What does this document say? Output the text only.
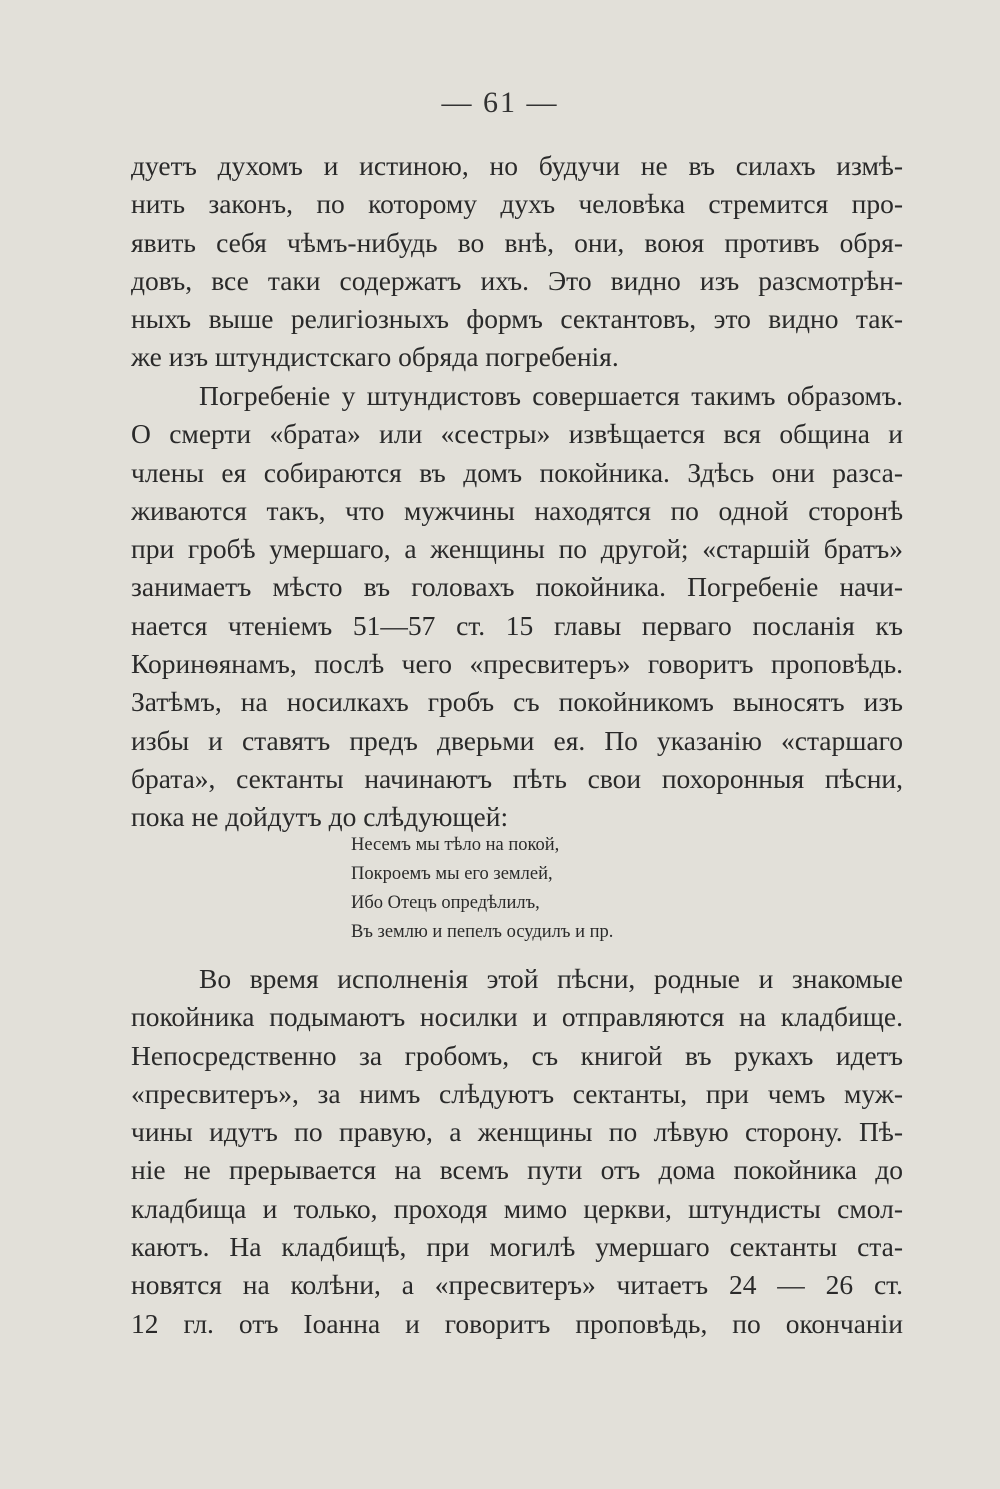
— 61 —
дуетъ духомъ и истиною, но будучи не въ силахъ измѣ-
нить законъ, по которому духъ человѣка стремится про-
явить себя чѣмъ-нибудь во внѣ, они, воюя противъ обря-
довъ, все таки содержатъ ихъ. Это видно изъ разсмотрѣн-
ныхъ выше религіозныхъ формъ сектантовъ, это видно так-
же изъ штундистскаго обряда погребенія.
Погребеніе у штундистовъ совершается такимъ образомъ.
О смерти «брата» или «сестры» извѣщается вся община и
члены ея собираются въ домъ покойника. Здѣсь они разса-
живаются такъ, что мужчины находятся по одной сторонѣ
при гробѣ умершаго, а женщины по другой; «старшій братъ»
занимаетъ мѣсто въ головахъ покойника. Погребеніе начи-
нается чтеніемъ 51—57 ст. 15 главы перваго посланія къ
Коринѳянамъ, послѣ чего «пресвитеръ» говоритъ проповѣдь.
Затѣмъ, на носилкахъ гробъ съ покойникомъ выносятъ изъ
избы и ставятъ предъ дверьми ея. По указанію «старшаго
брата», сектанты начинаютъ пѣть свои похоронныя пѣсни,
пока не дойдутъ до слѣдующей:
Несемъ мы тѣло на покой,
Покроемъ мы его землей,
Ибо Отецъ опредѣлилъ,
Въ землю и пепелъ осудилъ и пр.
Во время исполненія этой пѣсни, родные и знакомые
покойника подымаютъ носилки и отправляются на кладбище.
Непосредственно за гробомъ, съ книгой въ рукахъ идетъ
«пресвитеръ», за нимъ слѣдуютъ сектанты, при чемъ муж-
чины идутъ по правую, а женщины по лѣвую сторону. Пѣ-
ніе не прерывается на всемъ пути отъ дома покойника до
кладбища и только, проходя мимо церкви, штундисты смол-
каютъ. На кладбищѣ, при могилѣ умершаго сектанты ста-
новятся на колѣни, а «пресвитеръ» читаетъ 24 — 26 ст.
12 гл. отъ Іоанна и говоритъ проповѣдь, по окончаніи
